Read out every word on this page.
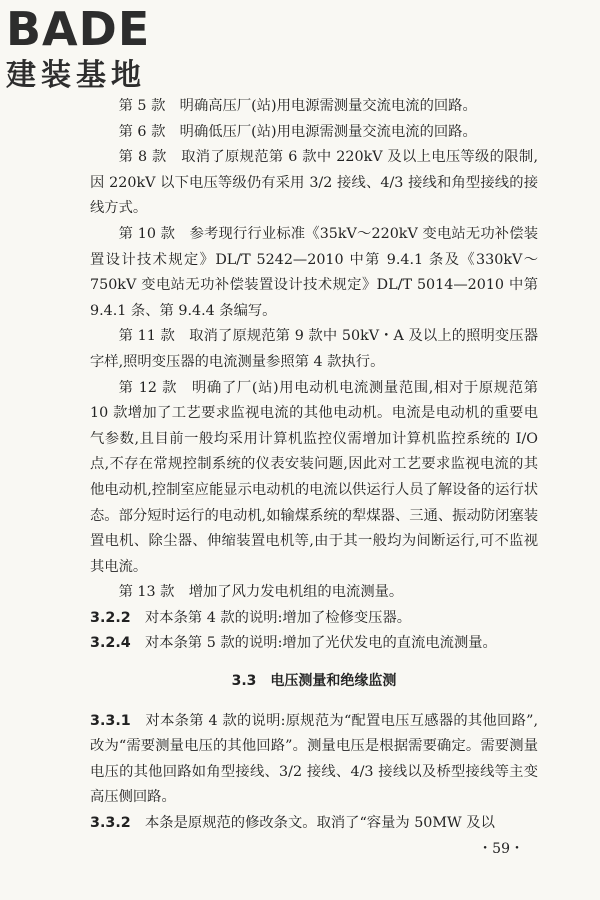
BADE
建装基地

第 5 款　明确高压厂(站)用电源需测量交流电流的回路。

第 6 款　明确低压厂(站)用电源需测量交流电流的回路。

第 8 款　取消了原规范第 6 款中 220kV 及以上电压等级的限制,因 220kV 以下电压等级仍有采用 3/2 接线、4/3 接线和角型接线的接线方式。

第 10 款　参考现行行业标准《35kV～220kV 变电站无功补偿装置设计技术规定》DL/T 5242—2010 中第 9.4.1 条及《330kV～750kV 变电站无功补偿装置设计技术规定》DL/T 5014—2010 中第 9.4.1 条、第 9.4.4 条编写。

第 11 款　取消了原规范第 9 款中 50kV・A 及以上的照明变压器字样,照明变压器的电流测量参照第 4 款执行。

第 12 款　明确了厂(站)用电动机电流测量范围,相对于原规范第 10 款增加了工艺要求监视电流的其他电动机。电流是电动机的重要电气参数,且目前一般均采用计算机监控仪需增加计算机监控系统的 I/O 点,不存在常规控制系统的仪表安装问题,因此对工艺要求监视电流的其他电动机,控制室应能显示电动机的电流以供运行人员了解设备的运行状态。部分短时运行的电动机,如输煤系统的犁煤器、三通、振动防闭塞装置电机、除尘器、伸缩装置电机等,由于其一般均为间断运行,可不监视其电流。

第 13 款　增加了风力发电机组的电流测量。

3.2.2　 对本条第 4 款的说明:增加了检修变压器。

3.2.4　 对本条第 5 款的说明:增加了光伏发电的直流电流测量。

3.3　电压测量和绝缘监测

3.3.1　 对本条第 4 款的说明:原规范为“配置电压互感器的其他回路”,改为“需要测量电压的其他回路”。测量电压是根据需要确定。需要测量电压的其他回路如角型接线、3/2 接线、4/3 接线以及桥型接线等主变高压侧回路。

3.3.2　 本条是原规范的修改条文。取消了“容量为 50MW 及以

・59・
